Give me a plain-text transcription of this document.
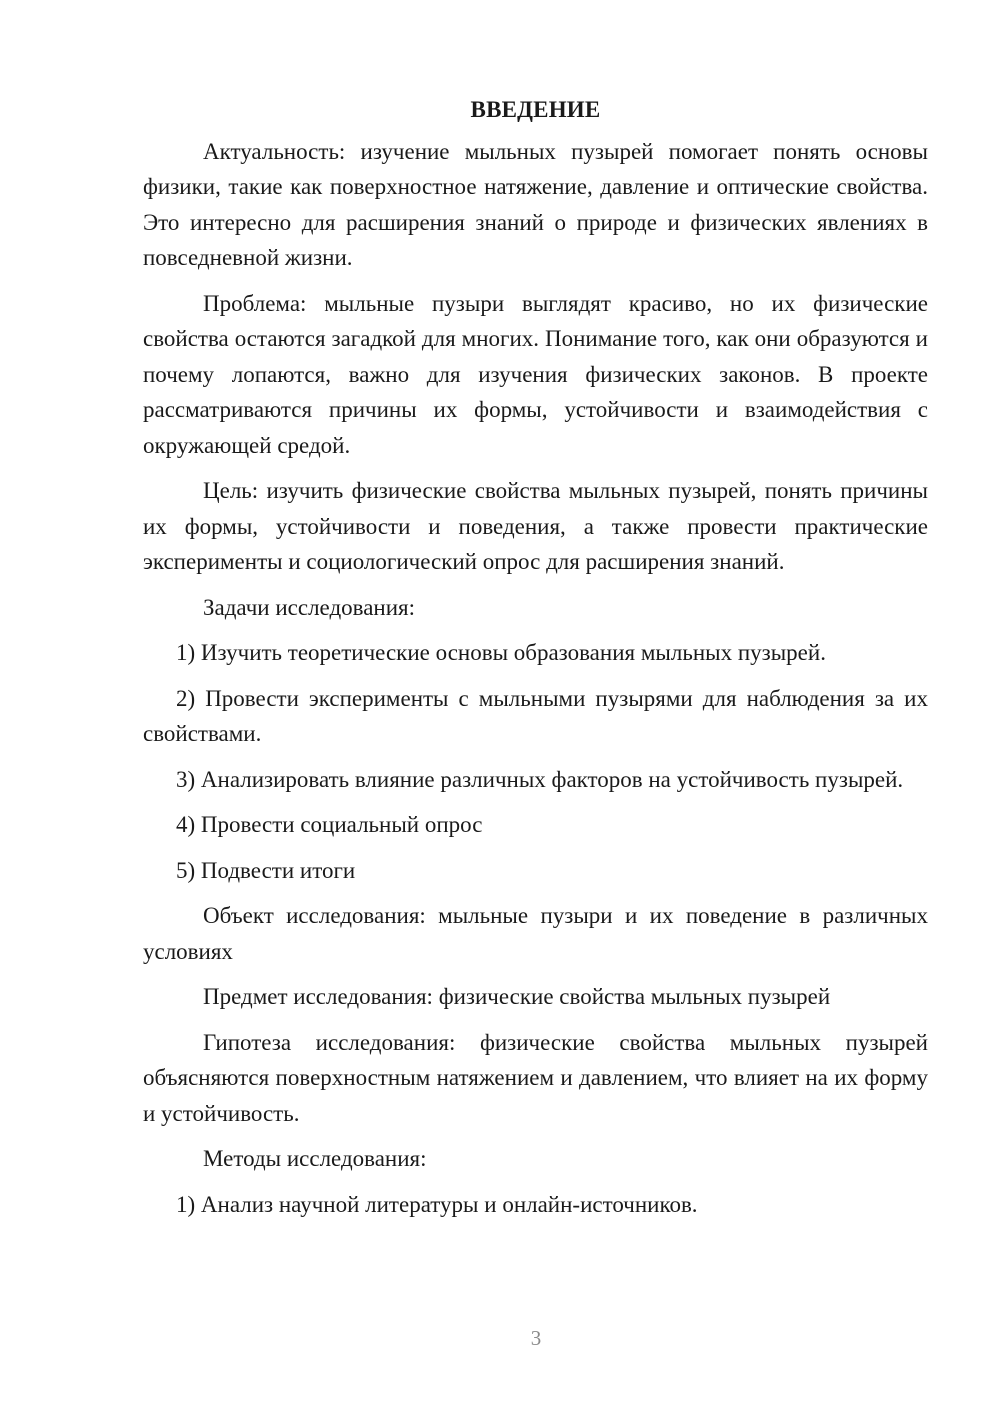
ВВЕДЕНИЕ

Актуальность: изучение мыльных пузырей помогает понять основы физики, такие как поверхностное натяжение, давление и оптические свойства. Это интересно для расширения знаний о природе и физических явлениях в повседневной жизни.

Проблема: мыльные пузыри выглядят красиво, но их физические свойства остаются загадкой для многих. Понимание того, как они образуются и почему лопаются, важно для изучения физических законов. В проекте рассматриваются причины их формы, устойчивости и взаимодействия с окружающей средой.

Цель: изучить физические свойства мыльных пузырей, понять причины их формы, устойчивости и поведения, а также провести практические эксперименты и социологический опрос для расширения знаний.

Задачи исследования:

1) Изучить теоретические основы образования мыльных пузырей.

2) Провести эксперименты с мыльными пузырями для наблюдения за их свойствами.

3) Анализировать влияние различных факторов на устойчивость пузырей.

4) Провести социальный опрос

5) Подвести итоги

Объект исследования: мыльные пузыри и их поведение в различных условиях

Предмет исследования: физические свойства мыльных пузырей

Гипотеза исследования: физические свойства мыльных пузырей объясняются поверхностным натяжением и давлением, что влияет на их форму и устойчивость.

Методы исследования:

1) Анализ научной литературы и онлайн-источников.

3
